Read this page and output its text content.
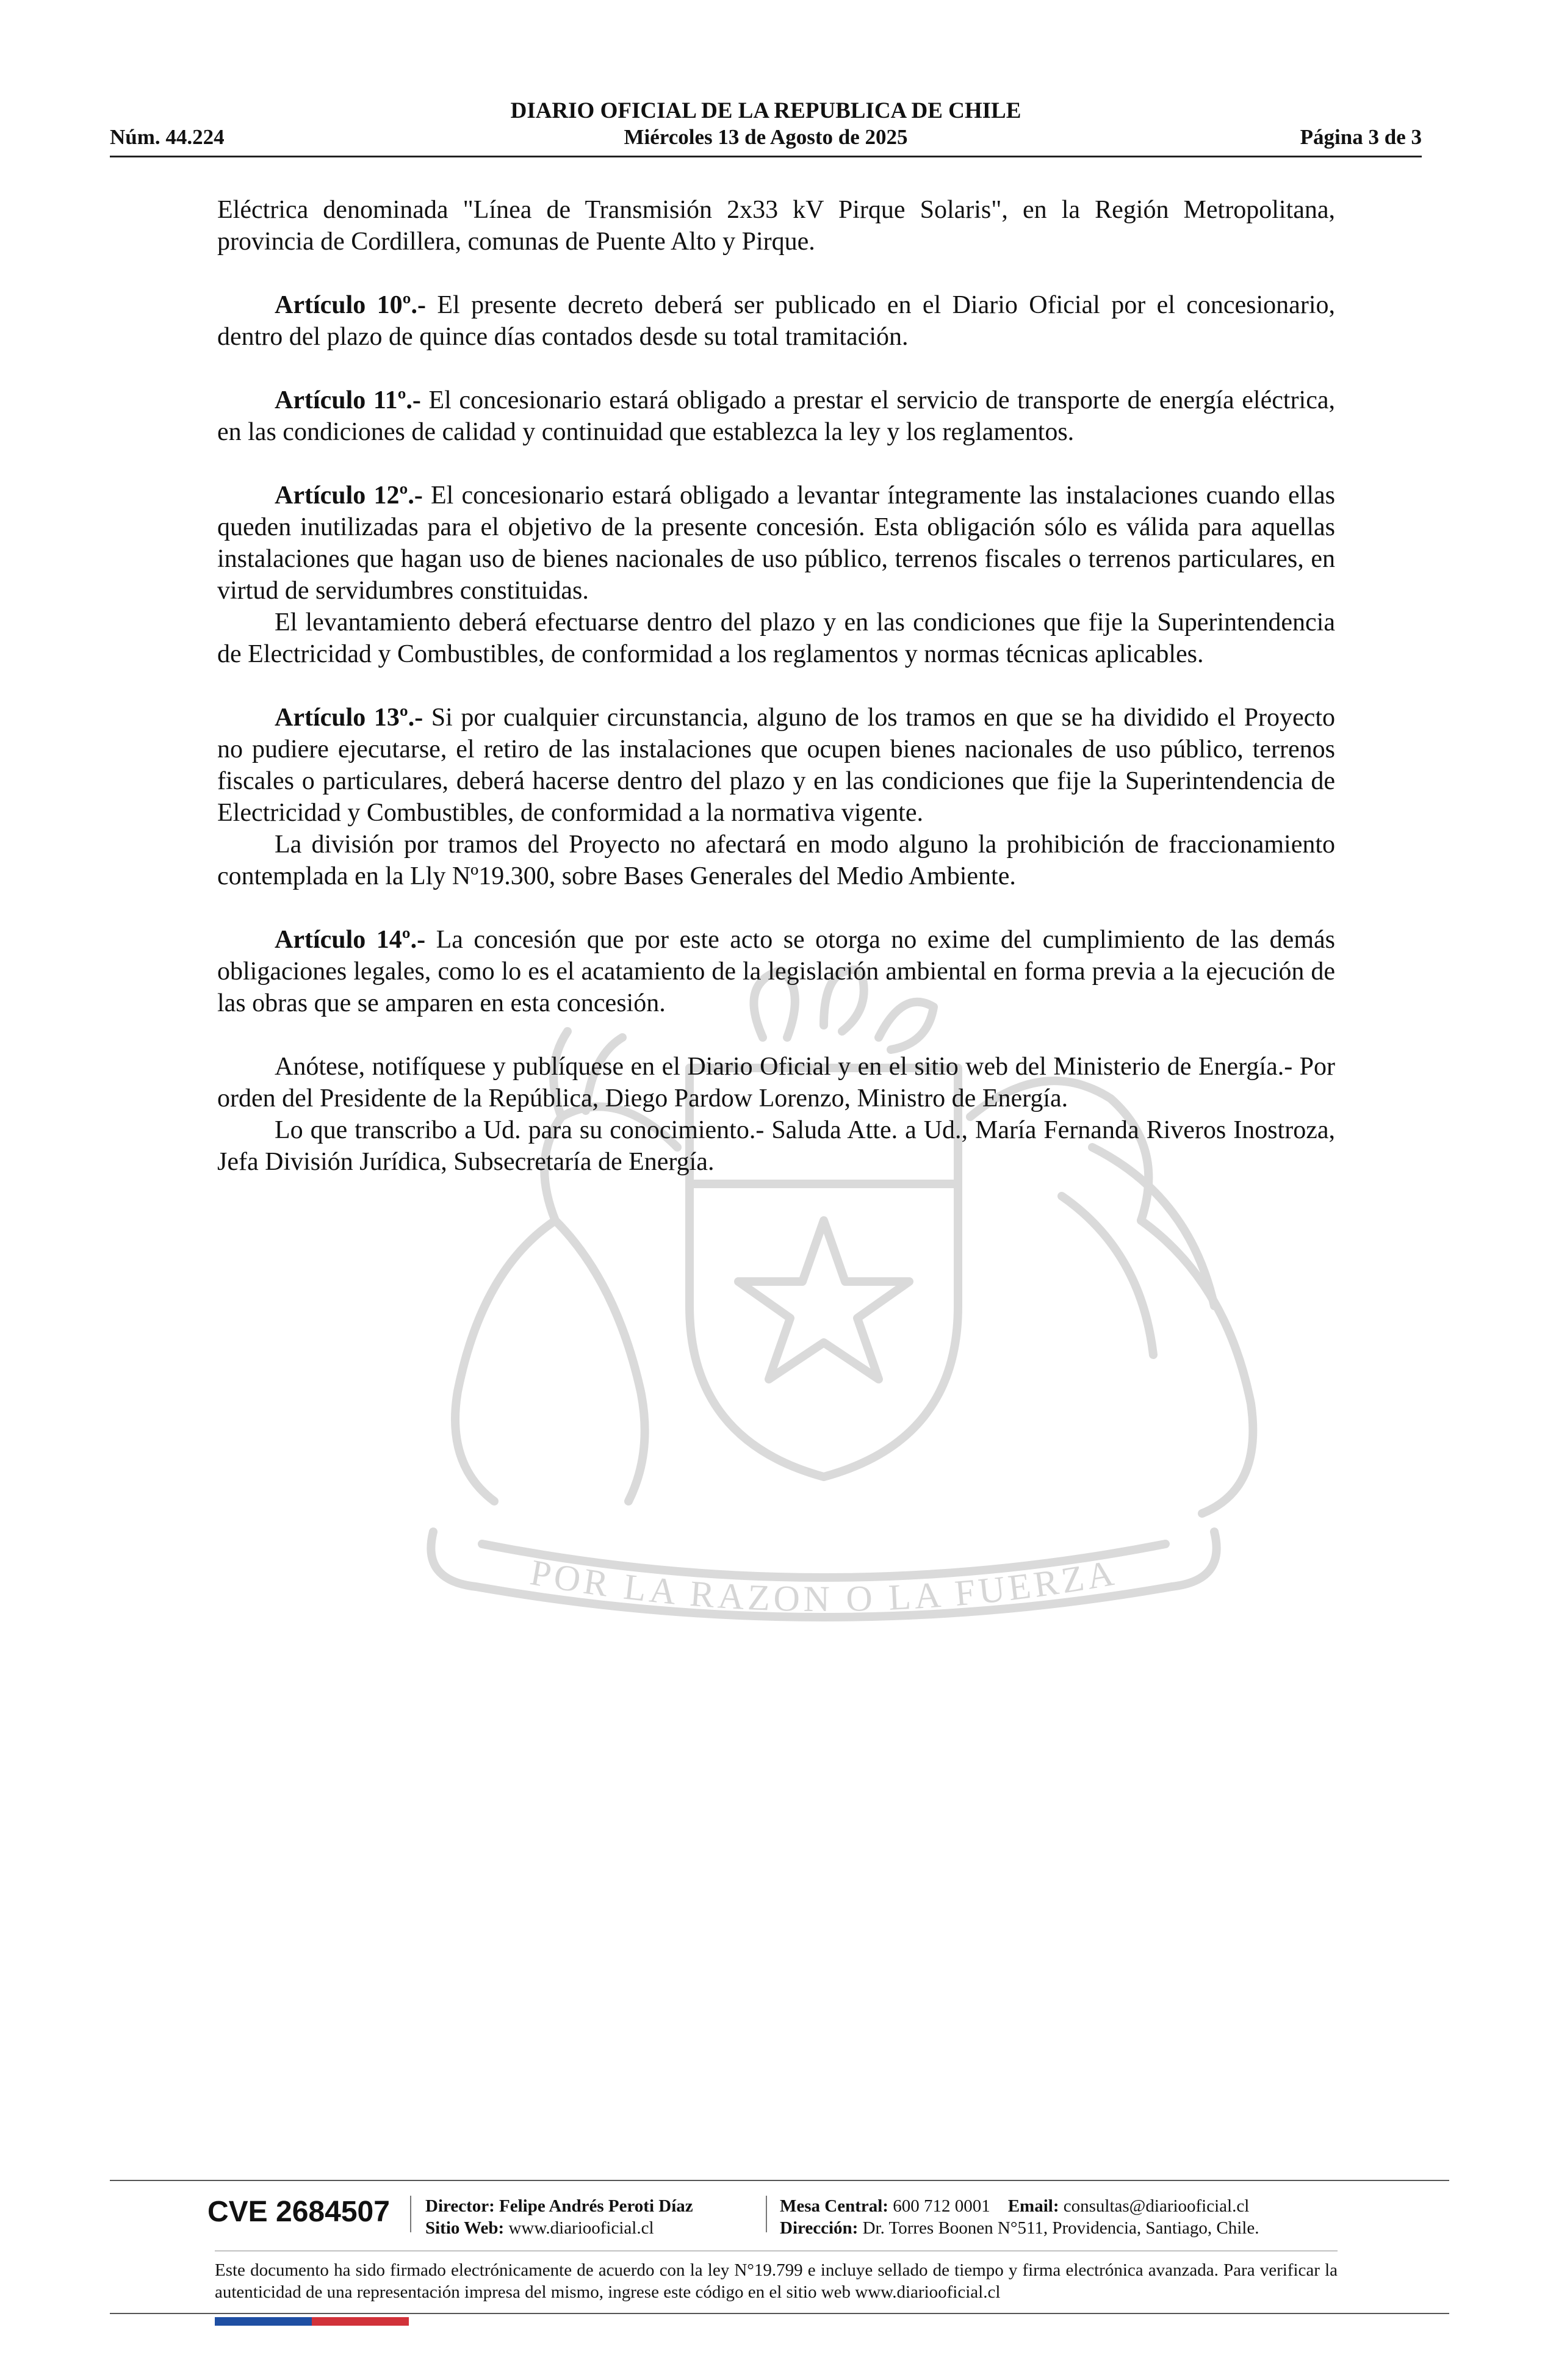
DIARIO OFICIAL DE LA REPUBLICA DE CHILE
Núm. 44.224	Miércoles 13 de Agosto de 2025	Página 3 de 3
POR LA RAZON O LA FUERZA

Eléctrica denominada "Línea de Transmisión 2x33 kV Pirque Solaris", en la Región Metropolitana, provincia de Cordillera, comunas de Puente Alto y Pirque.

Artículo 10º.- El presente decreto deberá ser publicado en el Diario Oficial por el concesionario, dentro del plazo de quince días contados desde su total tramitación.

Artículo 11º.- El concesionario estará obligado a prestar el servicio de transporte de energía eléctrica, en las condiciones de calidad y continuidad que establezca la ley y los reglamentos.

Artículo 12º.- El concesionario estará obligado a levantar íntegramente las instalaciones cuando ellas queden inutilizadas para el objetivo de la presente concesión. Esta obligación sólo es válida para aquellas instalaciones que hagan uso de bienes nacionales de uso público, terrenos fiscales o terrenos particulares, en virtud de servidumbres constituidas.

El levantamiento deberá efectuarse dentro del plazo y en las condiciones que fije la Superintendencia de Electricidad y Combustibles, de conformidad a los reglamentos y normas técnicas aplicables.

Artículo 13º.- Si por cualquier circunstancia, alguno de los tramos en que se ha dividido el Proyecto no pudiere ejecutarse, el retiro de las instalaciones que ocupen bienes nacionales de uso público, terrenos fiscales o particulares, deberá hacerse dentro del plazo y en las condiciones que fije la Superintendencia de Electricidad y Combustibles, de conformidad a la normativa vigente.

La división por tramos del Proyecto no afectará en modo alguno la prohibición de fraccionamiento contemplada en la Lly Nº19.300, sobre Bases Generales del Medio Ambiente.

Artículo 14º.- La concesión que por este acto se otorga no exime del cumplimiento de las demás obligaciones legales, como lo es el acatamiento de la legislación ambiental en forma previa a la ejecución de las obras que se amparen en esta concesión.

Anótese, notifíquese y publíquese en el Diario Oficial y en el sitio web del Ministerio de Energía.- Por orden del Presidente de la República, Diego Pardow Lorenzo, Ministro de Energía.

Lo que transcribo a Ud. para su conocimiento.- Saluda Atte. a Ud., María Fernanda Riveros Inostroza, Jefa División Jurídica, Subsecretaría de Energía.

CVE 2684507 Director: Felipe Andrés Peroti Díaz
Sitio Web: www.diariooficial.cl
Mesa Central: 600 712 0001 Email: consultas@diariooficial.cl
Dirección: Dr. Torres Boonen N°511, Providencia, Santiago, Chile.
Este documento ha sido firmado electrónicamente de acuerdo con la ley N°19.799 e incluye sellado de tiempo y firma electrónica avanzada. Para verificar la autenticidad de una representación impresa del mismo, ingrese este código en el sitio web www.diariooficial.cl
